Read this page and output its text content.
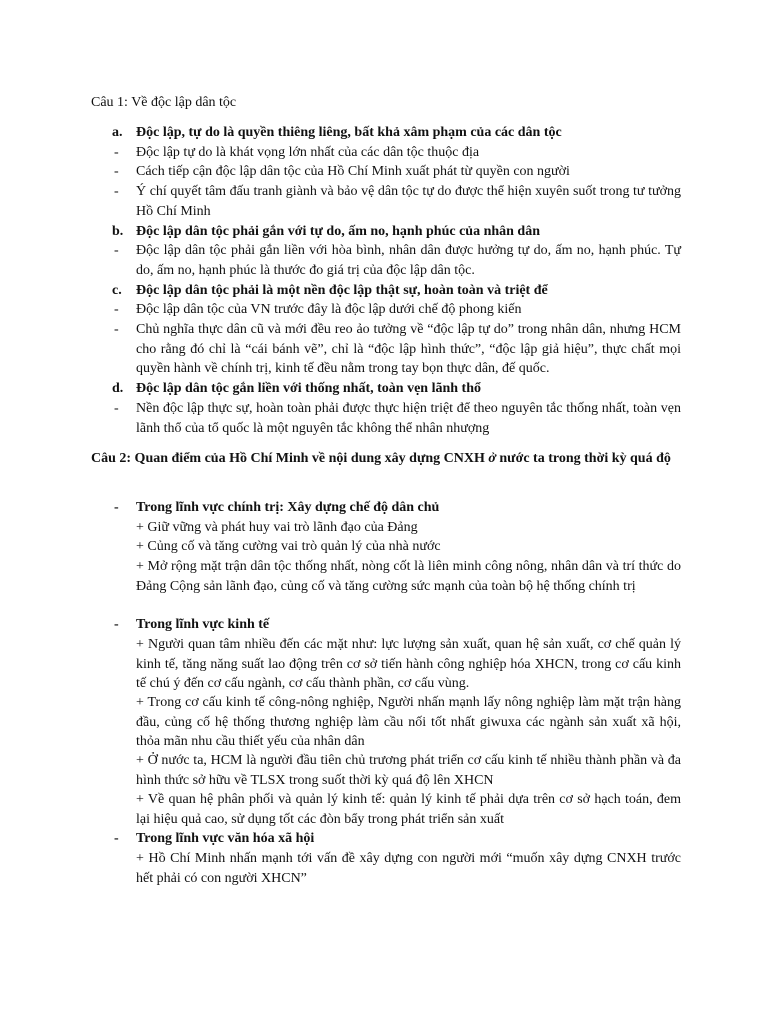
Câu 1: Về độc lập dân tộc
a. Độc lập, tự do là quyền thiêng liêng, bất khả xâm phạm của các dân tộc
- Độc lập tự do là khát vọng lớn nhất của các dân tộc thuộc địa
- Cách tiếp cận độc lập dân tộc của Hồ Chí Minh xuất phát từ quyền con người
- Ý chí quyết tâm đấu tranh giành và bảo vệ dân tộc tự do được thể hiện xuyên suốt trong tư tưởng Hồ Chí Minh
b. Độc lập dân tộc phải gắn với tự do, ấm no, hạnh phúc của nhân dân
- Độc lập dân tộc phải gắn liền với hòa bình, nhân dân được hưởng tự do, ấm no, hạnh phúc. Tự do, ấm no, hạnh phúc là thước đo giá trị của độc lập dân tộc.
c. Độc lập dân tộc phải là một nền độc lập thật sự, hoàn toàn và triệt để
- Độc lập dân tộc của VN trước đây là độc lập dưới chế độ phong kiến
- Chủ nghĩa thực dân cũ và mới đều reo ảo tưởng về “độc lập tự do” trong nhân dân, nhưng HCM cho rằng đó chỉ là “cái bánh vẽ”, chỉ là “độc lập hình thức”, “độc lập giả hiệu”, thực chất mọi quyền hành về chính trị, kinh tế đều nằm trong tay bọn thực dân, đế quốc.
d. Độc lập dân tộc gắn liền với thống nhất, toàn vẹn lãnh thổ
- Nền độc lập thực sự, hoàn toàn phải được thực hiện triệt để theo nguyên tắc thống nhất, toàn vẹn lãnh thổ của tổ quốc là một nguyên tắc không thể nhân nhượng
Câu 2: Quan điểm của Hồ Chí Minh về nội dung xây dựng CNXH ở nước ta trong thời kỳ quá độ
- Trong lĩnh vực chính trị: Xây dựng chế độ dân chủ
+ Giữ vững và phát huy vai trò lãnh đạo của Đảng
+ Củng cố và tăng cường vai trò quản lý của nhà nước
+ Mở rộng mặt trận dân tộc thống nhất, nòng cốt là liên minh công nông, nhân dân và trí thức do Đảng Cộng sản lãnh đạo, củng cố và tăng cường sức mạnh của toàn bộ hệ thống chính trị
- Trong lĩnh vực kinh tế
+ Người quan tâm nhiều đến các mặt như: lực lượng sản xuất, quan hệ sản xuất, cơ chế quản lý kinh tế, tăng năng suất lao động trên cơ sở tiến hành công nghiệp hóa XHCN, trong cơ cấu kinh tế chú ý đến cơ cấu ngành, cơ cấu thành phần, cơ cấu vùng.
+ Trong cơ cấu kinh tế công-nông nghiệp, Người nhấn mạnh lấy nông nghiệp làm mặt trận hàng đầu, củng cố hệ thống thương nghiệp làm cầu nối tốt nhất giwuxa các ngành sản xuất xã hội, thỏa mãn nhu cầu thiết yếu của nhân dân
+ Ở nước ta, HCM là người đầu tiên chủ trương phát triển cơ cấu kinh tế nhiều thành phần và đa hình thức sở hữu về TLSX trong suốt thời kỳ quá độ lên XHCN
+ Về quan hệ phân phối và quản lý kinh tế: quản lý kinh tế phải dựa trên cơ sở hạch toán, đem lại hiệu quả cao, sử dụng tốt các đòn bẩy trong phát triển sản xuất
- Trong lĩnh vực văn hóa xã hội
+ Hồ Chí Minh nhấn mạnh tới vấn đề xây dựng con người mới “muốn xây dựng CNXH trước hết phải có con người XHCN”
